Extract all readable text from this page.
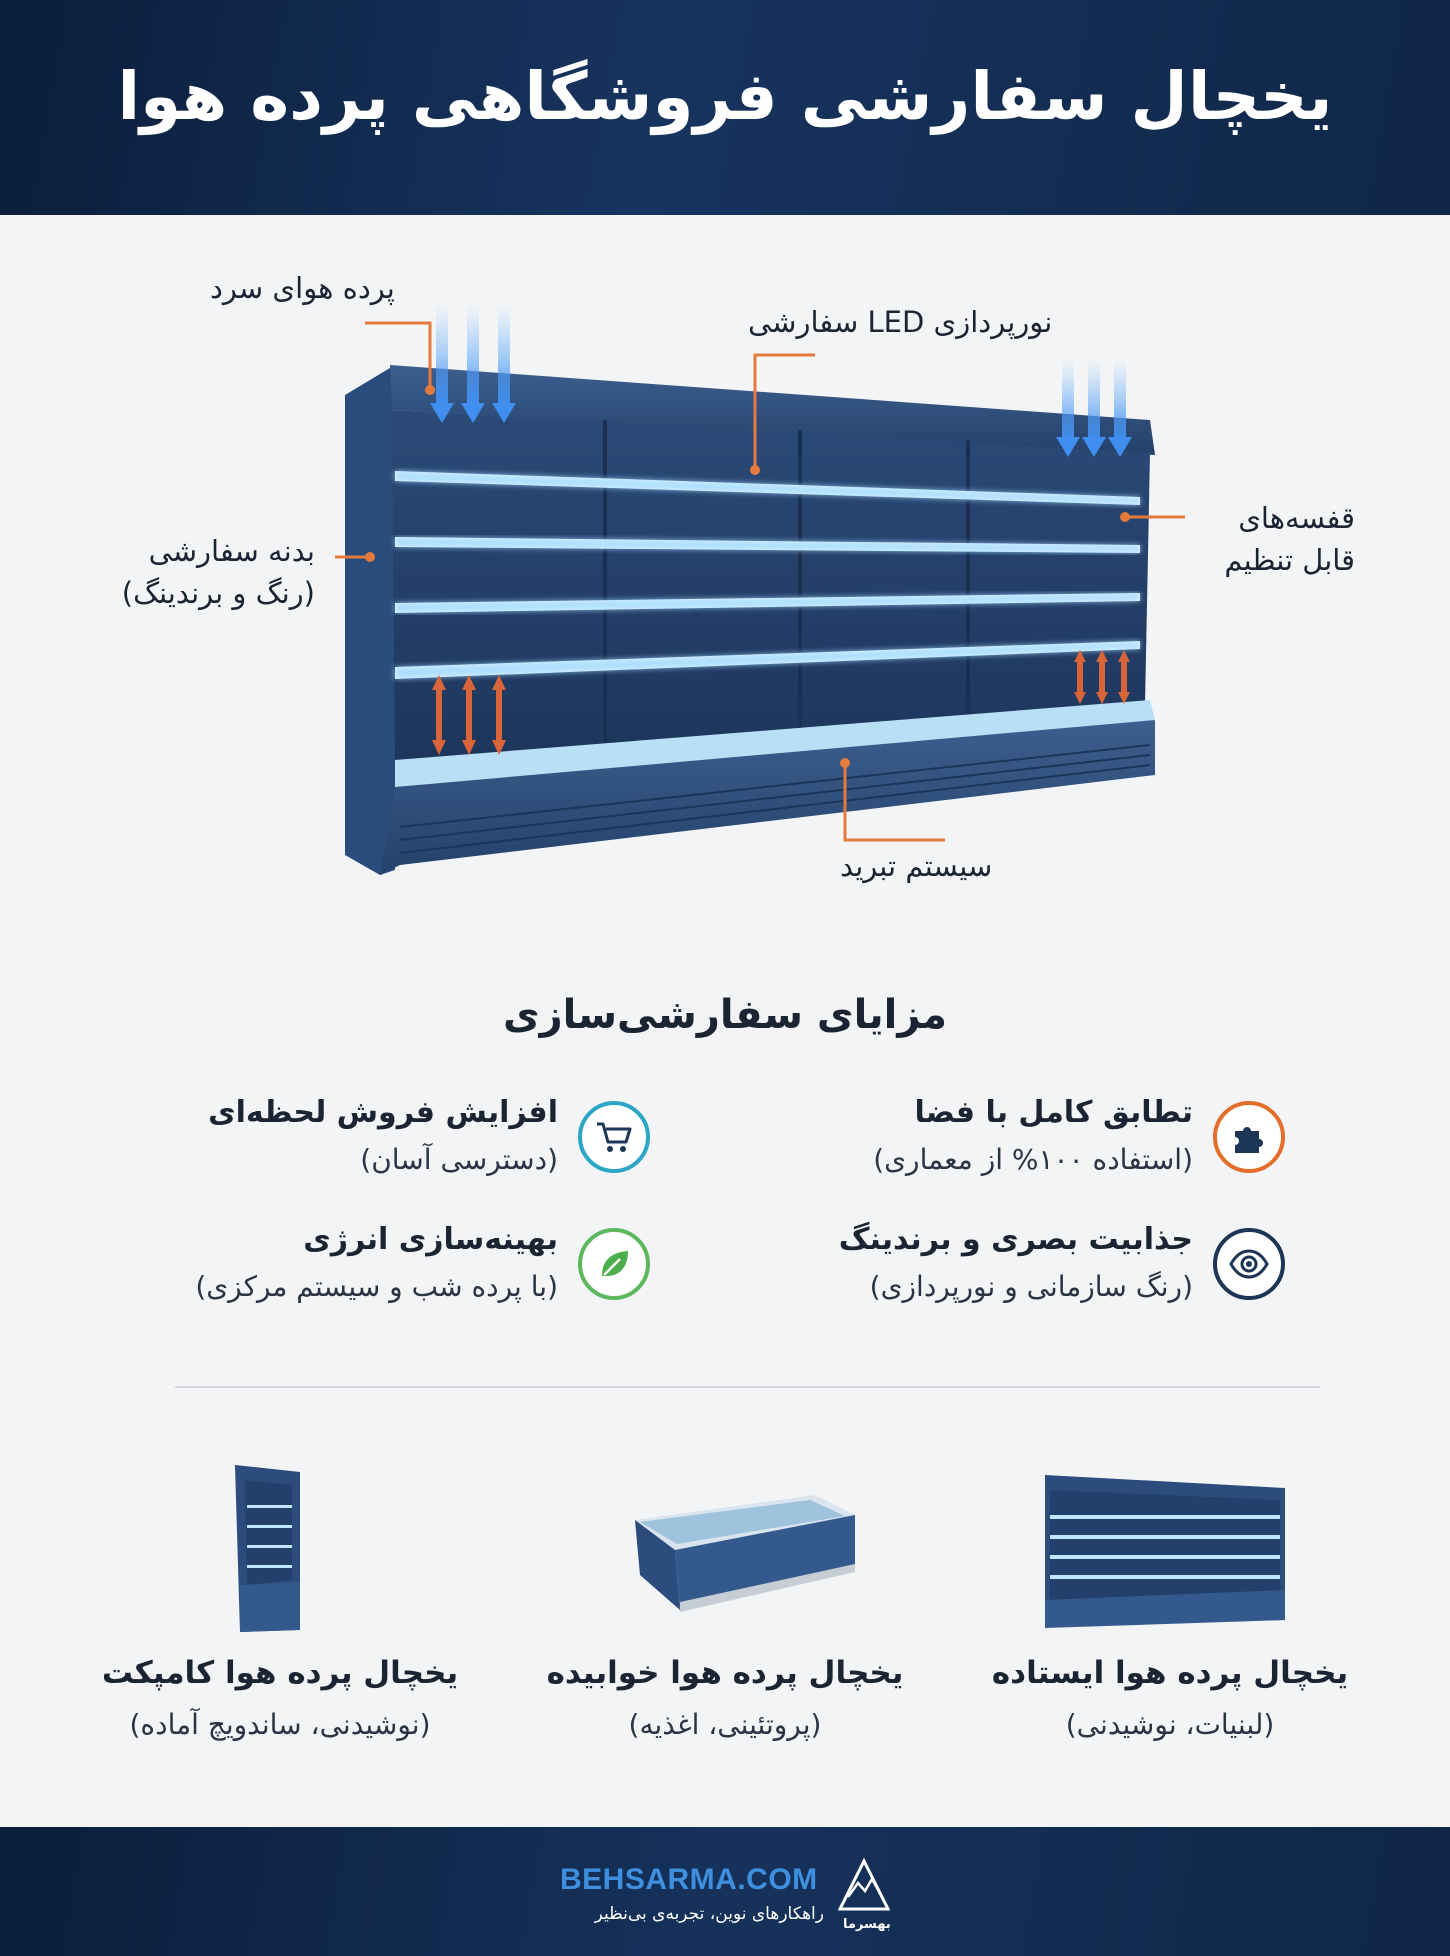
یخچال سفارشی فروشگاهی پرده هوا
پرده هوای سرد
نورپردازی LED سفارشی
بدنه سفارشی
(رنگ و برندینگ)
قفسه‌های
قابل تنظیم
سیستم تبرید
مزایای سفارشی‌سازی
تطابق کامل با فضا
(استفاده ۱۰۰% از معماری)
افزایش فروش لحظه‌ای
(دسترسی آسان)
جذابیت بصری و برندینگ
(رنگ سازمانی و نورپردازی)
بهینه‌سازی انرژی
(با پرده شب و سیستم مرکزی)
یخچال پرده هوا ایستاده
(لبنیات، نوشیدنی)
یخچال پرده هوا خوابیده
(پروتئینی، اغذیه)
یخچال پرده هوا کامپکت
(نوشیدنی، ساندویچ آماده)
BEHSARMA.COM
راهکارهای نوین، تجربه‌ی بی‌نظیر
بهسرما
